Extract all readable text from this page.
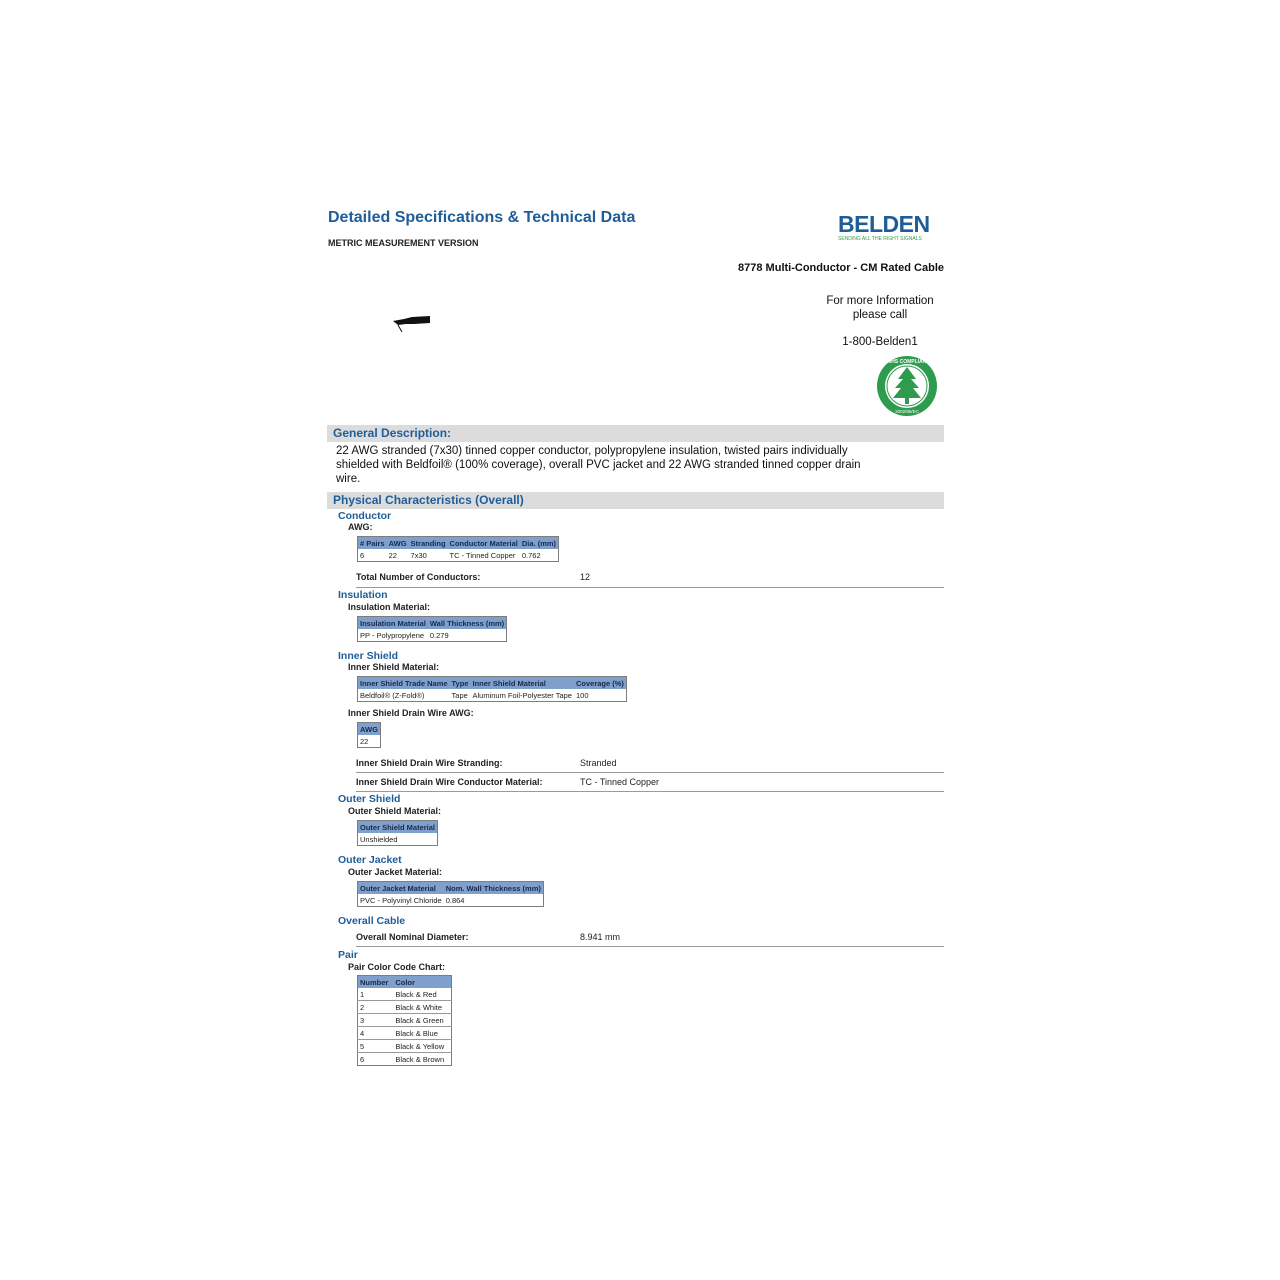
Detailed Specifications & Technical Data
METRIC MEASUREMENT VERSION
BELDEN
SENDING ALL THE RIGHT SIGNALS
8778 Multi-Conductor - CM Rated Cable
For more Information
please call
1-800-Belden1
RoHS COMPLIANT
2002/95/EC
General Description:
22 AWG stranded (7x30) tinned copper conductor, polypropylene insulation, twisted pairs individually shielded with Beldfoil® (100% coverage), overall PVC jacket and 22 AWG stranded tinned copper drain wire.
Physical Characteristics (Overall)
Conductor
AWG:
# Pairs	AWG	Stranding	Conductor Material	Dia. (mm)
6	22	7x30	TC - Tinned Copper	0.762
Total Number of Conductors:	12
Insulation
Insulation Material:
Insulation Material	Wall Thickness (mm)
PP - Polypropylene	0.279
Inner Shield
Inner Shield Material:
Inner Shield Trade Name	Type	Inner Shield Material	Coverage (%)
Beldfoil® (Z-Fold®)	Tape	Aluminum Foil-Polyester Tape	100
Inner Shield Drain Wire AWG:
AWG
22
Inner Shield Drain Wire Stranding:	Stranded
Inner Shield Drain Wire Conductor Material:	TC - Tinned Copper
Outer Shield
Outer Shield Material:
Outer Shield Material
Unshielded
Outer Jacket
Outer Jacket Material:
Outer Jacket Material	Nom. Wall Thickness (mm)
PVC - Polyvinyl Chloride	0.864
Overall Cable
Overall Nominal Diameter:	8.941 mm
Pair
Pair Color Code Chart:
Number	Color
1	Black & Red
2	Black & White
3	Black & Green
4	Black & Blue
5	Black & Yellow
6	Black & Brown
